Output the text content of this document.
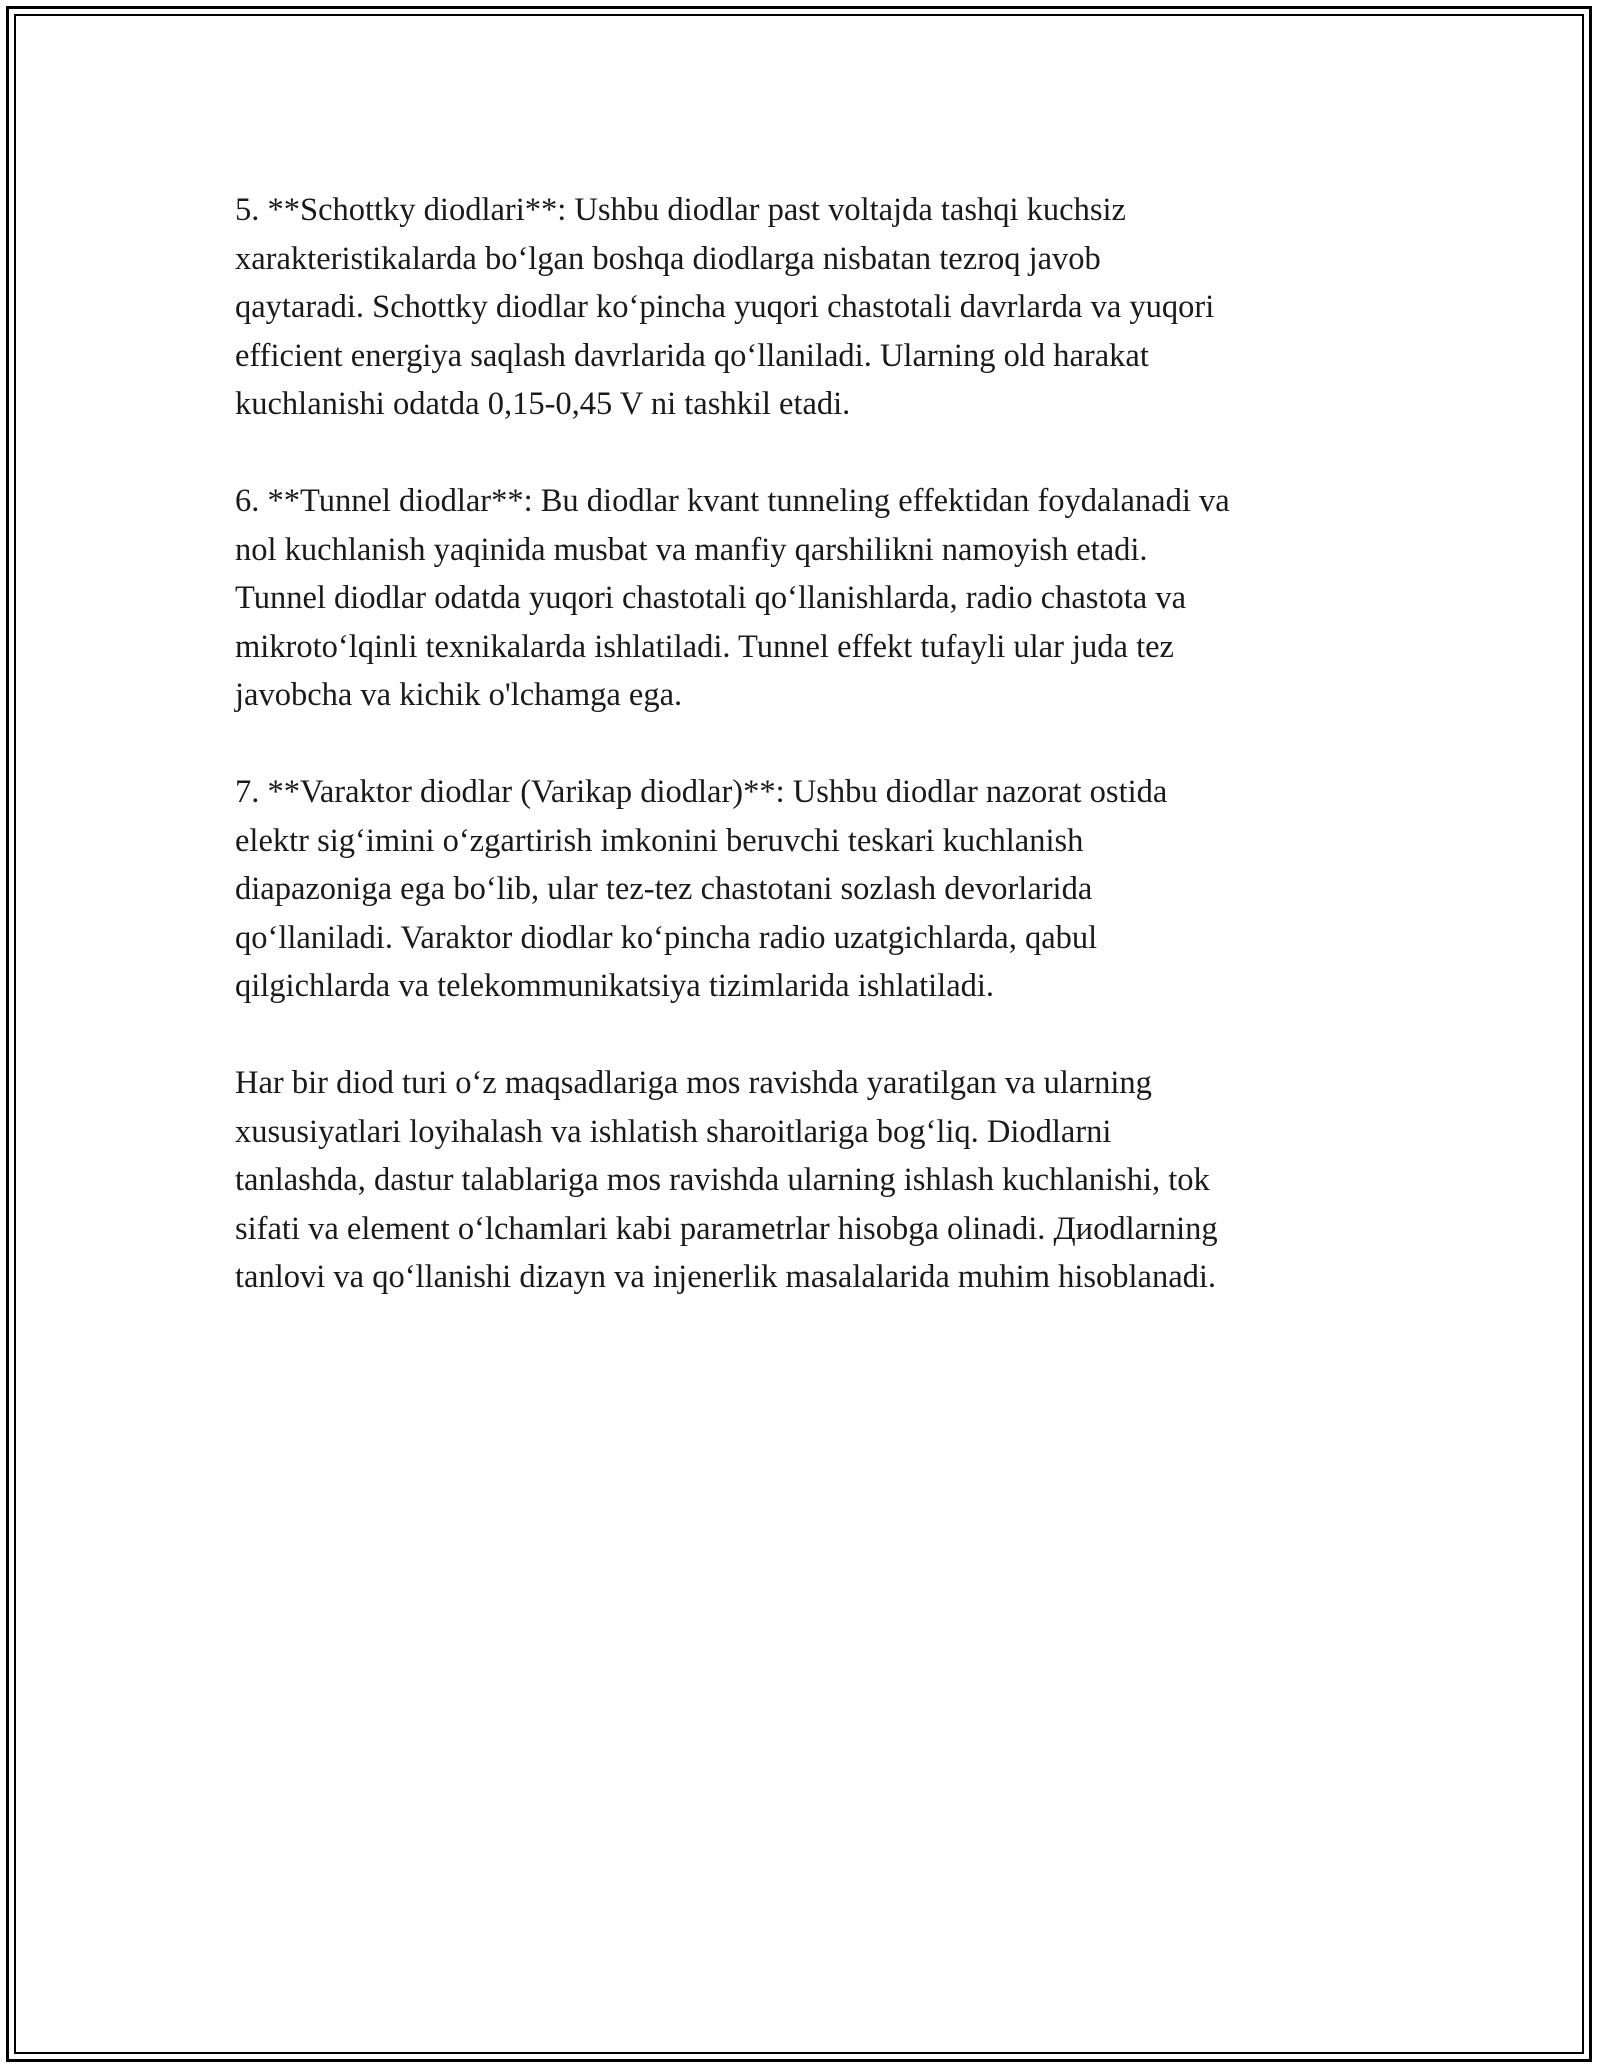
5. **Schottky diodlari**: Ushbu diodlar past voltajda tashqi kuchsiz
xarakteristikalarda bo‘lgan boshqa diodlarga nisbatan tezroq javob
qaytaradi. Schottky diodlar ko‘pincha yuqori chastotali davrlarda va yuqori
efficient energiya saqlash davrlarida qo‘llaniladi. Ularning old harakat
kuchlanishi odatda 0,15-0,45 V ni tashkil etadi.

6. **Tunnel diodlar**: Bu diodlar kvant tunneling effektidan foydalanadi va
nol kuchlanish yaqinida musbat va manfiy qarshilikni namoyish etadi.
Tunnel diodlar odatda yuqori chastotali qo‘llanishlarda, radio chastota va
mikroto‘lqinli texnikalarda ishlatiladi. Tunnel effekt tufayli ular juda tez
javobcha va kichik o'lchamga ega.

7. **Varaktor diodlar (Varikap diodlar)**: Ushbu diodlar nazorat ostida
elektr sig‘imini o‘zgartirish imkonini beruvchi teskari kuchlanish
diapazoniga ega bo‘lib, ular tez-tez chastotani sozlash devorlarida
qo‘llaniladi. Varaktor diodlar ko‘pincha radio uzatgichlarda, qabul
qilgichlarda va telekommunikatsiya tizimlarida ishlatiladi.

Har bir diod turi o‘z maqsadlariga mos ravishda yaratilgan va ularning
xususiyatlari loyihalash va ishlatish sharoitlariga bog‘liq. Diodlarni
tanlashda, dastur talablariga mos ravishda ularning ishlash kuchlanishi, tok
sifati va element o‘lchamlari kabi parametrlar hisobga olinadi. Диodlarning
tanlovi va qo‘llanishi dizayn va injenerlik masalalarida muhim hisoblanadi.
